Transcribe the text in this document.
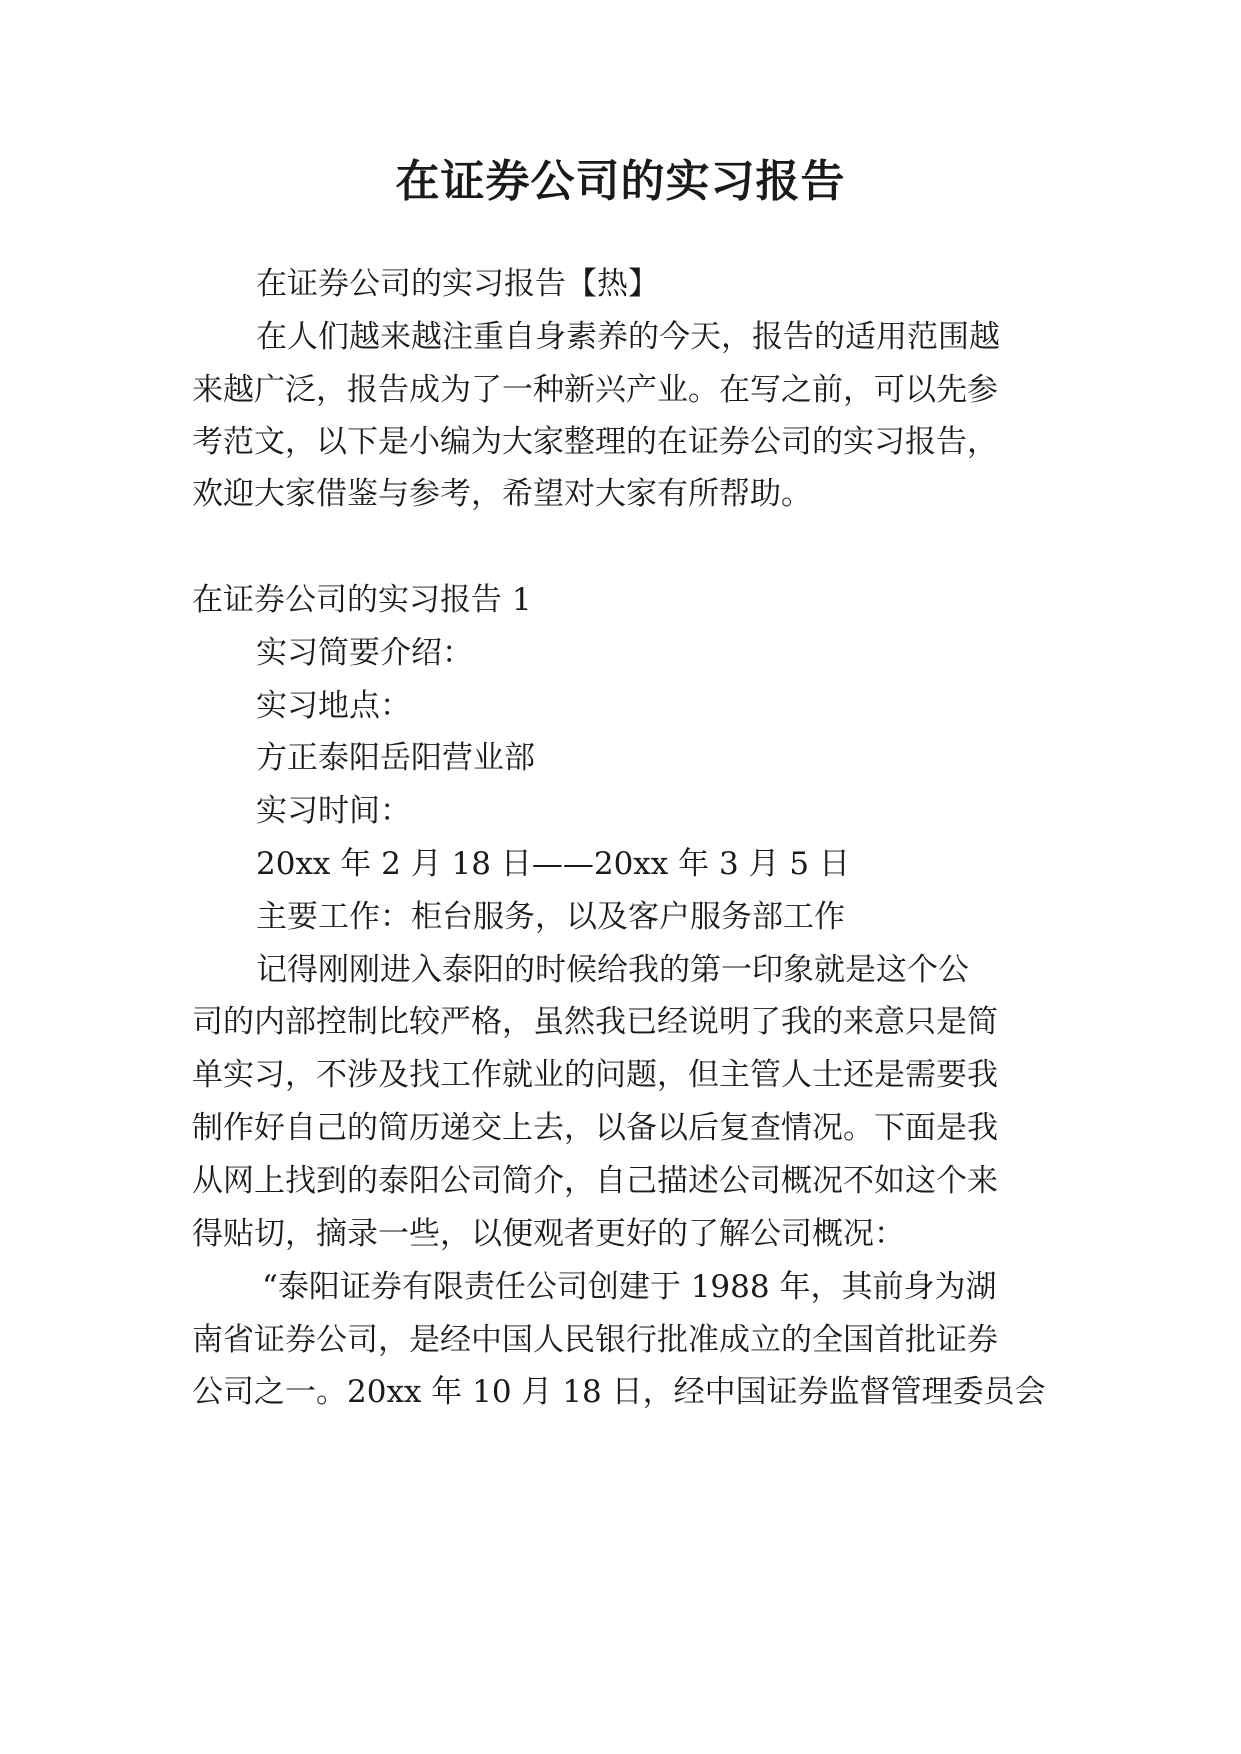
在证券公司的实习报告
在证券公司的实习报告【热】
在人们越来越注重自身素养的今天，报告的适用范围越
来越广泛，报告成为了一种新兴产业。在写之前，可以先参
考范文，以下是小编为大家整理的在证券公司的实习报告，
欢迎大家借鉴与参考，希望对大家有所帮助。
在证券公司的实习报告 1
实习简要介绍：
实习地点：
方正泰阳岳阳营业部
实习时间：
20xx 年 2 月 18 日——20xx 年 3 月 5 日
主要工作：柜台服务，以及客户服务部工作
记得刚刚进入泰阳的时候给我的第一印象就是这个公
司的内部控制比较严格，虽然我已经说明了我的来意只是简
单实习，不涉及找工作就业的问题，但主管人士还是需要我
制作好自己的简历递交上去，以备以后复查情况。下面是我
从网上找到的泰阳公司简介，自己描述公司概况不如这个来
得贴切，摘录一些，以便观者更好的了解公司概况：
“泰阳证券有限责任公司创建于 1988 年，其前身为湖
南省证券公司，是经中国人民银行批准成立的全国首批证券
公司之一。20xx 年 10 月 18 日，经中国证券监督管理委员会
